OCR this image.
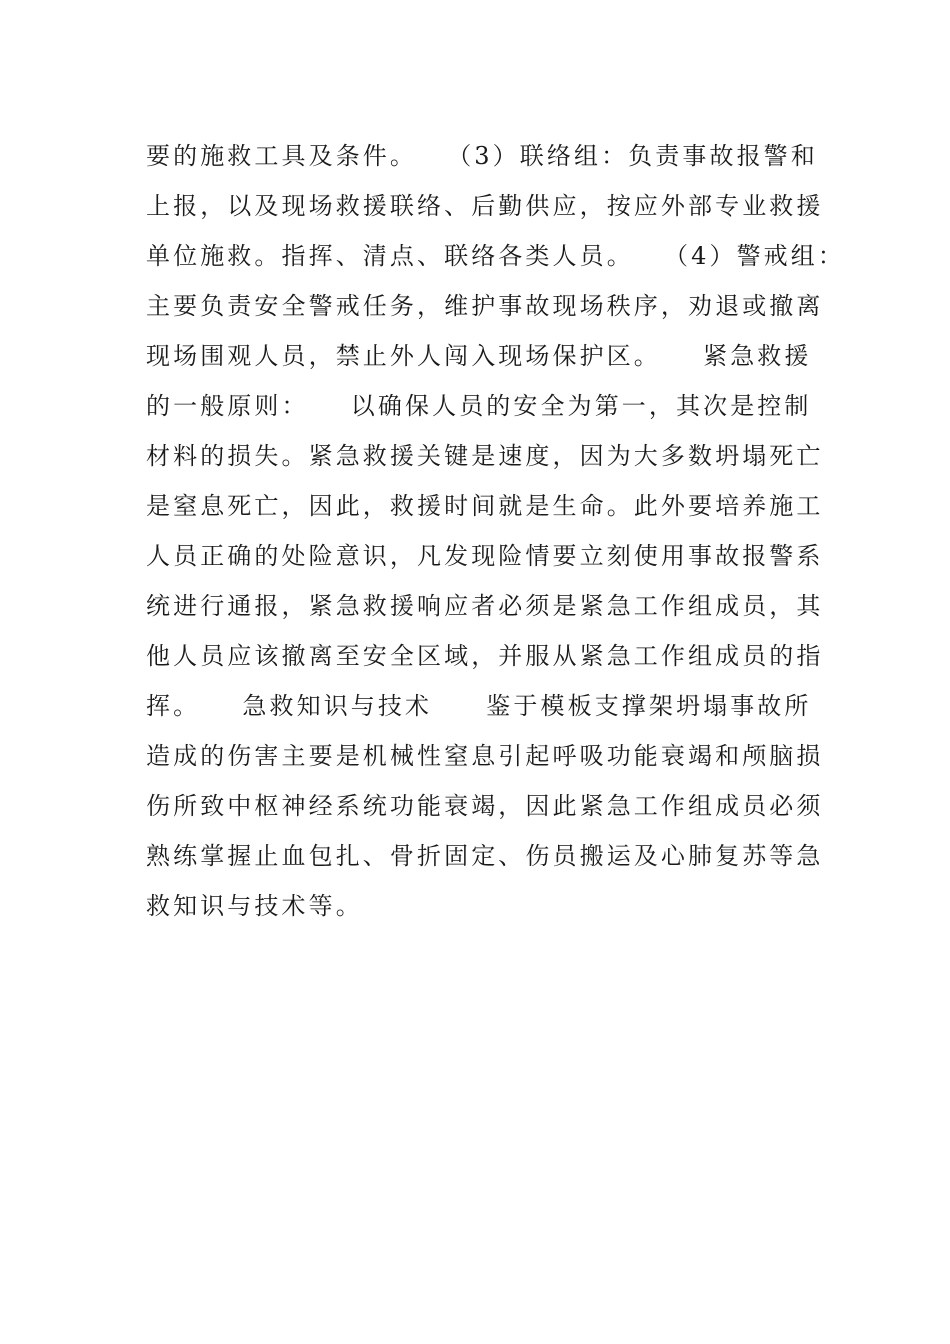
要的施救工具及条件。　　（3）联络组：负责事故报警和
上报，以及现场救援联络、后勤供应，按应外部专业救援
单位施救。指挥、清点、联络各类人员。　　（4）警戒组：
主要负责安全警戒任务，维护事故现场秩序，劝退或撤离
现场围观人员，禁止外人闯入现场保护区。　　紧急救援
的一般原则：　　以确保人员的安全为第一，其次是控制
材料的损失。紧急救援关键是速度，因为大多数坍塌死亡
是窒息死亡，因此，救援时间就是生命。此外要培养施工
人员正确的处险意识，凡发现险情要立刻使用事故报警系
统进行通报，紧急救援响应者必须是紧急工作组成员，其
他人员应该撤离至安全区域，并服从紧急工作组成员的指
挥。　　急救知识与技术　　鉴于模板支撑架坍塌事故所
造成的伤害主要是机械性窒息引起呼吸功能衰竭和颅脑损
伤所致中枢神经系统功能衰竭，因此紧急工作组成员必须
熟练掌握止血包扎、骨折固定、伤员搬运及心肺复苏等急
救知识与技术等。
